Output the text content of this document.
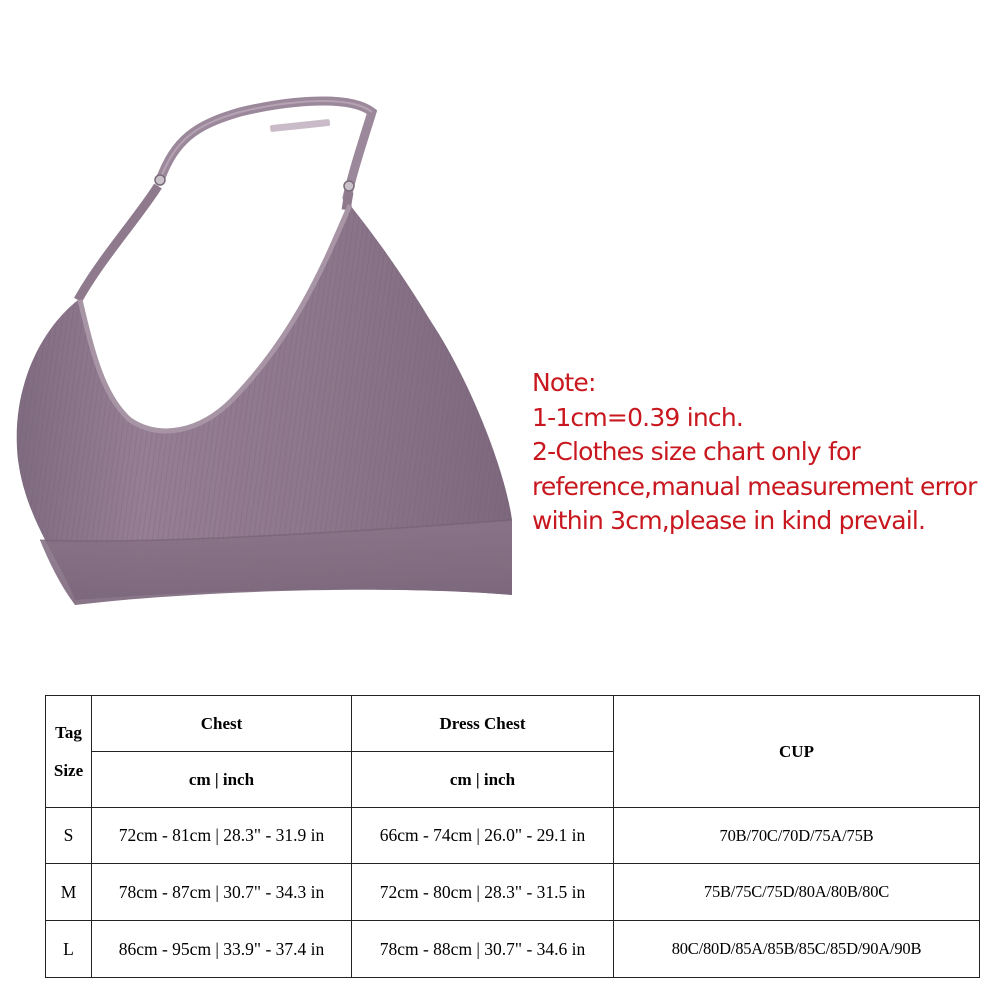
Note:
1-1cm=0.39 inch.
2-Clothes size chart only for
reference,manual measurement error
within 3cm,please in kind prevail.
Tag
Size	Chest	Dress Chest	CUP
	cm | inch	cm | inch	
S	72cm - 81cm | 28.3" - 31.9 in	66cm - 74cm | 26.0" - 29.1 in	70B/70C/70D/75A/75B
M	78cm - 87cm | 30.7" - 34.3 in	72cm - 80cm | 28.3" - 31.5 in	75B/75C/75D/80A/80B/80C
L	86cm - 95cm | 33.9" - 37.4 in	78cm - 88cm | 30.7" - 34.6 in	80C/80D/85A/85B/85C/85D/90A/90B
